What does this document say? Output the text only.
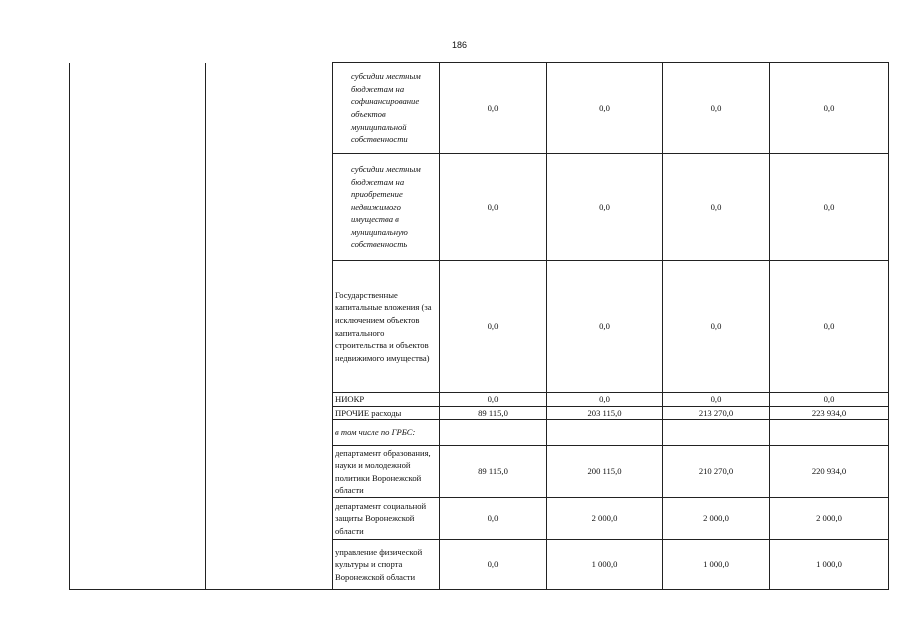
186
субсидии местным бюджетам на софинансирование объектов муниципальной собственности	0,0	0,0	0,0	0,0
субсидии местным бюджетам на приобретение недвижимого имущества в муниципальную собственность	0,0	0,0	0,0	0,0
Государственные капитальные вложения (за исключением объектов капитального строительства и объектов недвижимого имущества)	0,0	0,0	0,0	0,0
НИОКР	0,0	0,0	0,0	0,0
ПРОЧИЕ расходы	89 115,0	203 115,0	213 270,0	223 934,0
в том числе по ГРБС:				
департамент образования, науки и молодежной политики Воронежской области	89 115,0	200 115,0	210 270,0	220 934,0
департамент социальной защиты Воронежской области	0,0	2 000,0	2 000,0	2 000,0
управление физической культуры и спорта Воронежской области	0,0	1 000,0	1 000,0	1 000,0
